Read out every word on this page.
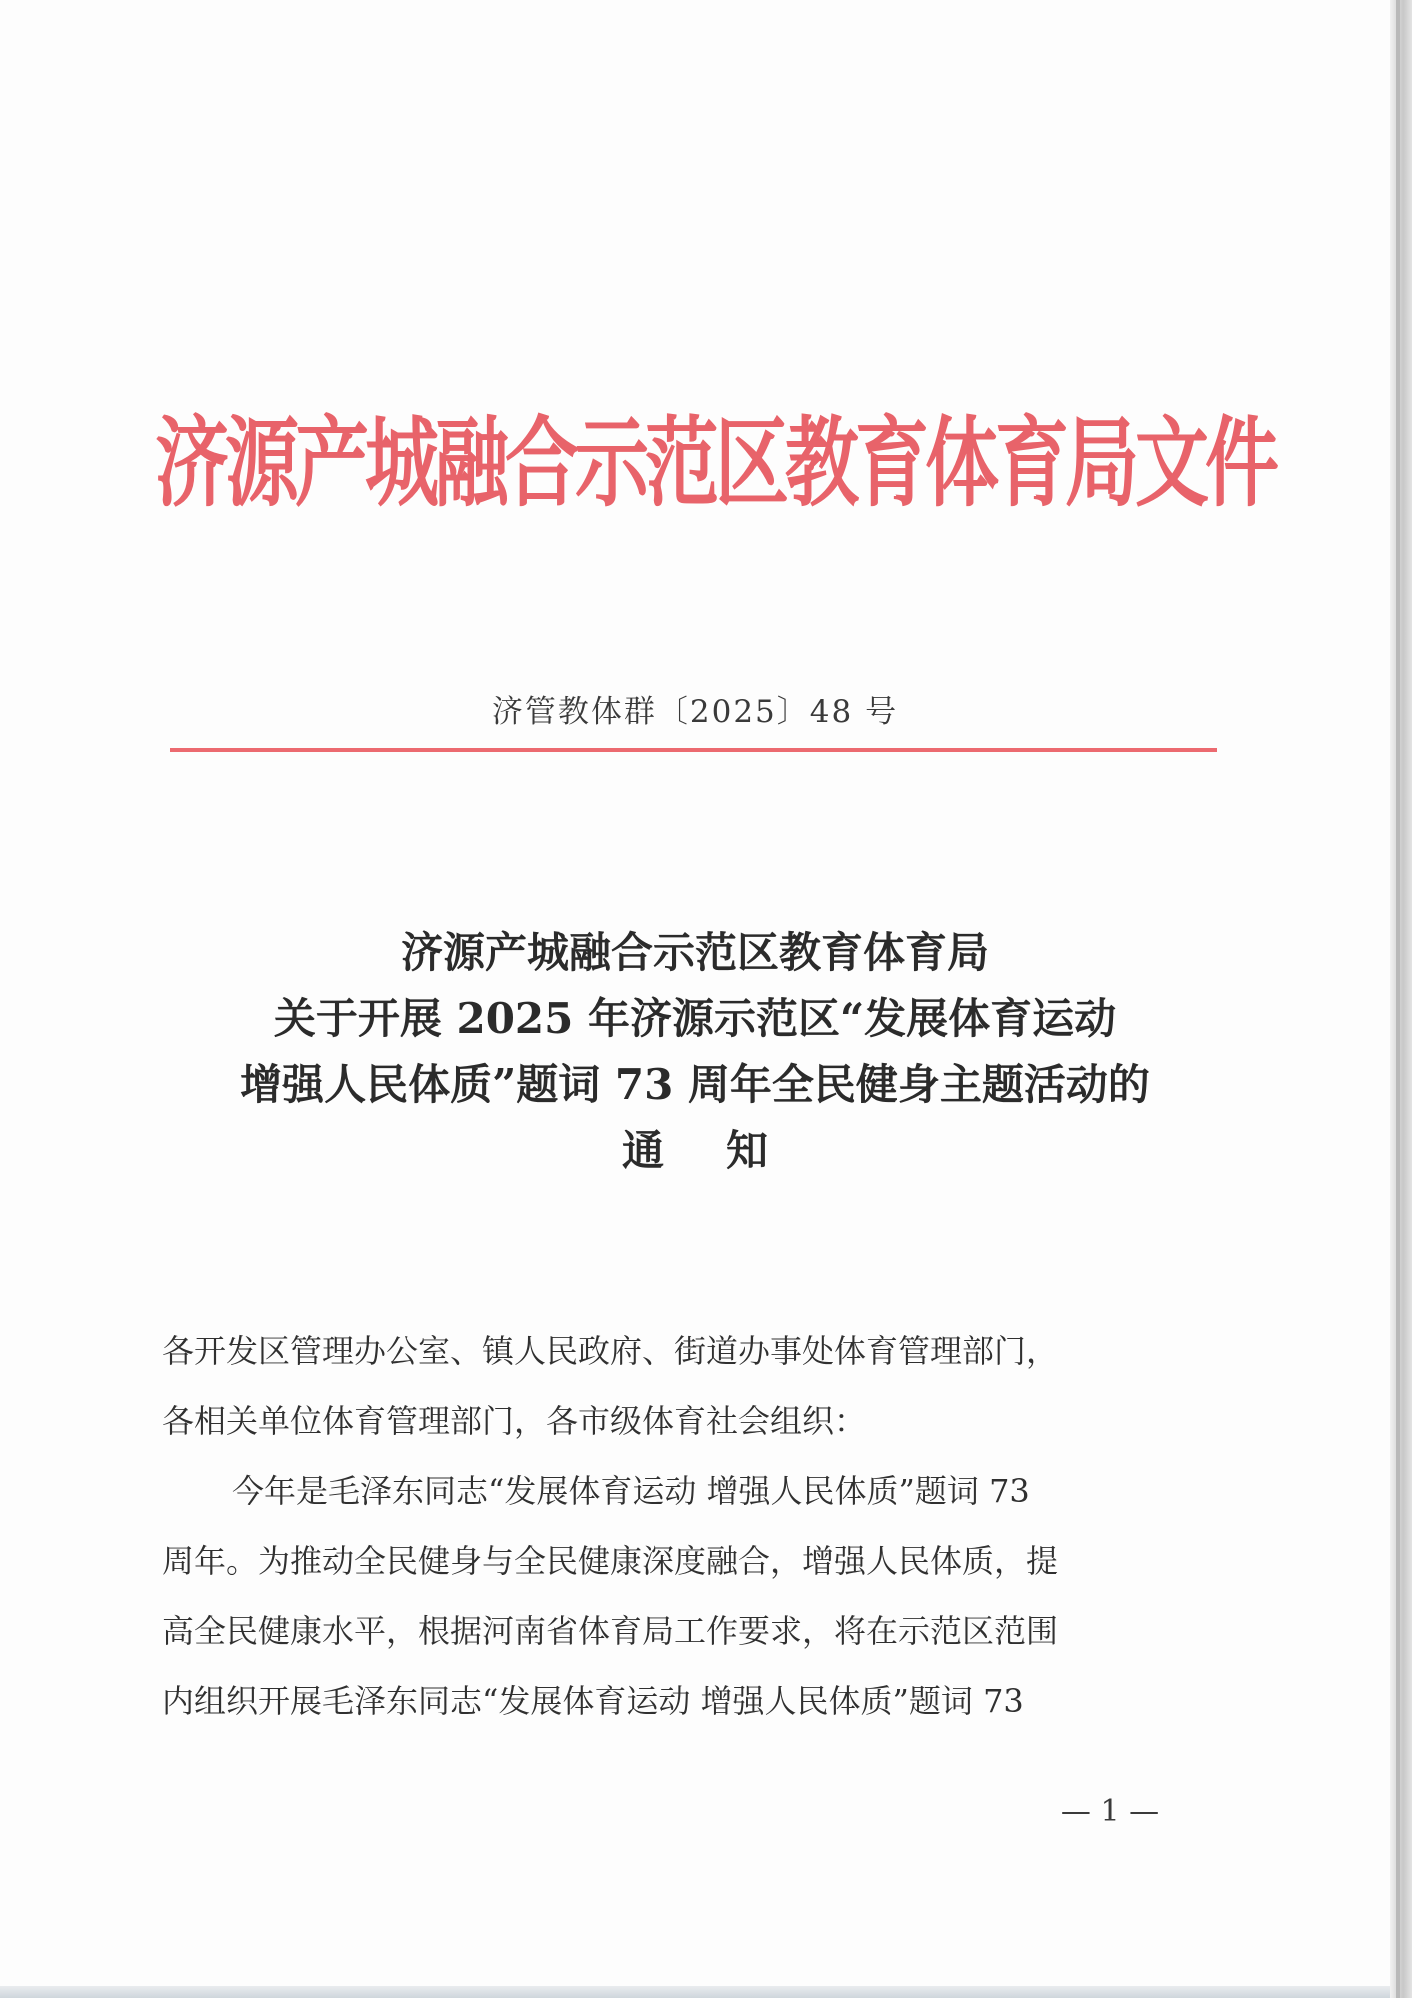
济源产城融合示范区教育体育局文件
济管教体群〔2025〕48 号
济源产城融合示范区教育体育局
关于开展 2025 年济源示范区“发展体育运动
增强人民体质”题词 73 周年全民健身主题活动的
通知
各开发区管理办公室、镇人民政府、街道办事处体育管理部门，
各相关单位体育管理部门，各市级体育社会组织：
今年是毛泽东同志“发展体育运动 增强人民体质”题词 73
周年。为推动全民健身与全民健康深度融合，增强人民体质，提
高全民健康水平，根据河南省体育局工作要求，将在示范区范围
内组织开展毛泽东同志“发展体育运动 增强人民体质”题词 73
— 1 —
